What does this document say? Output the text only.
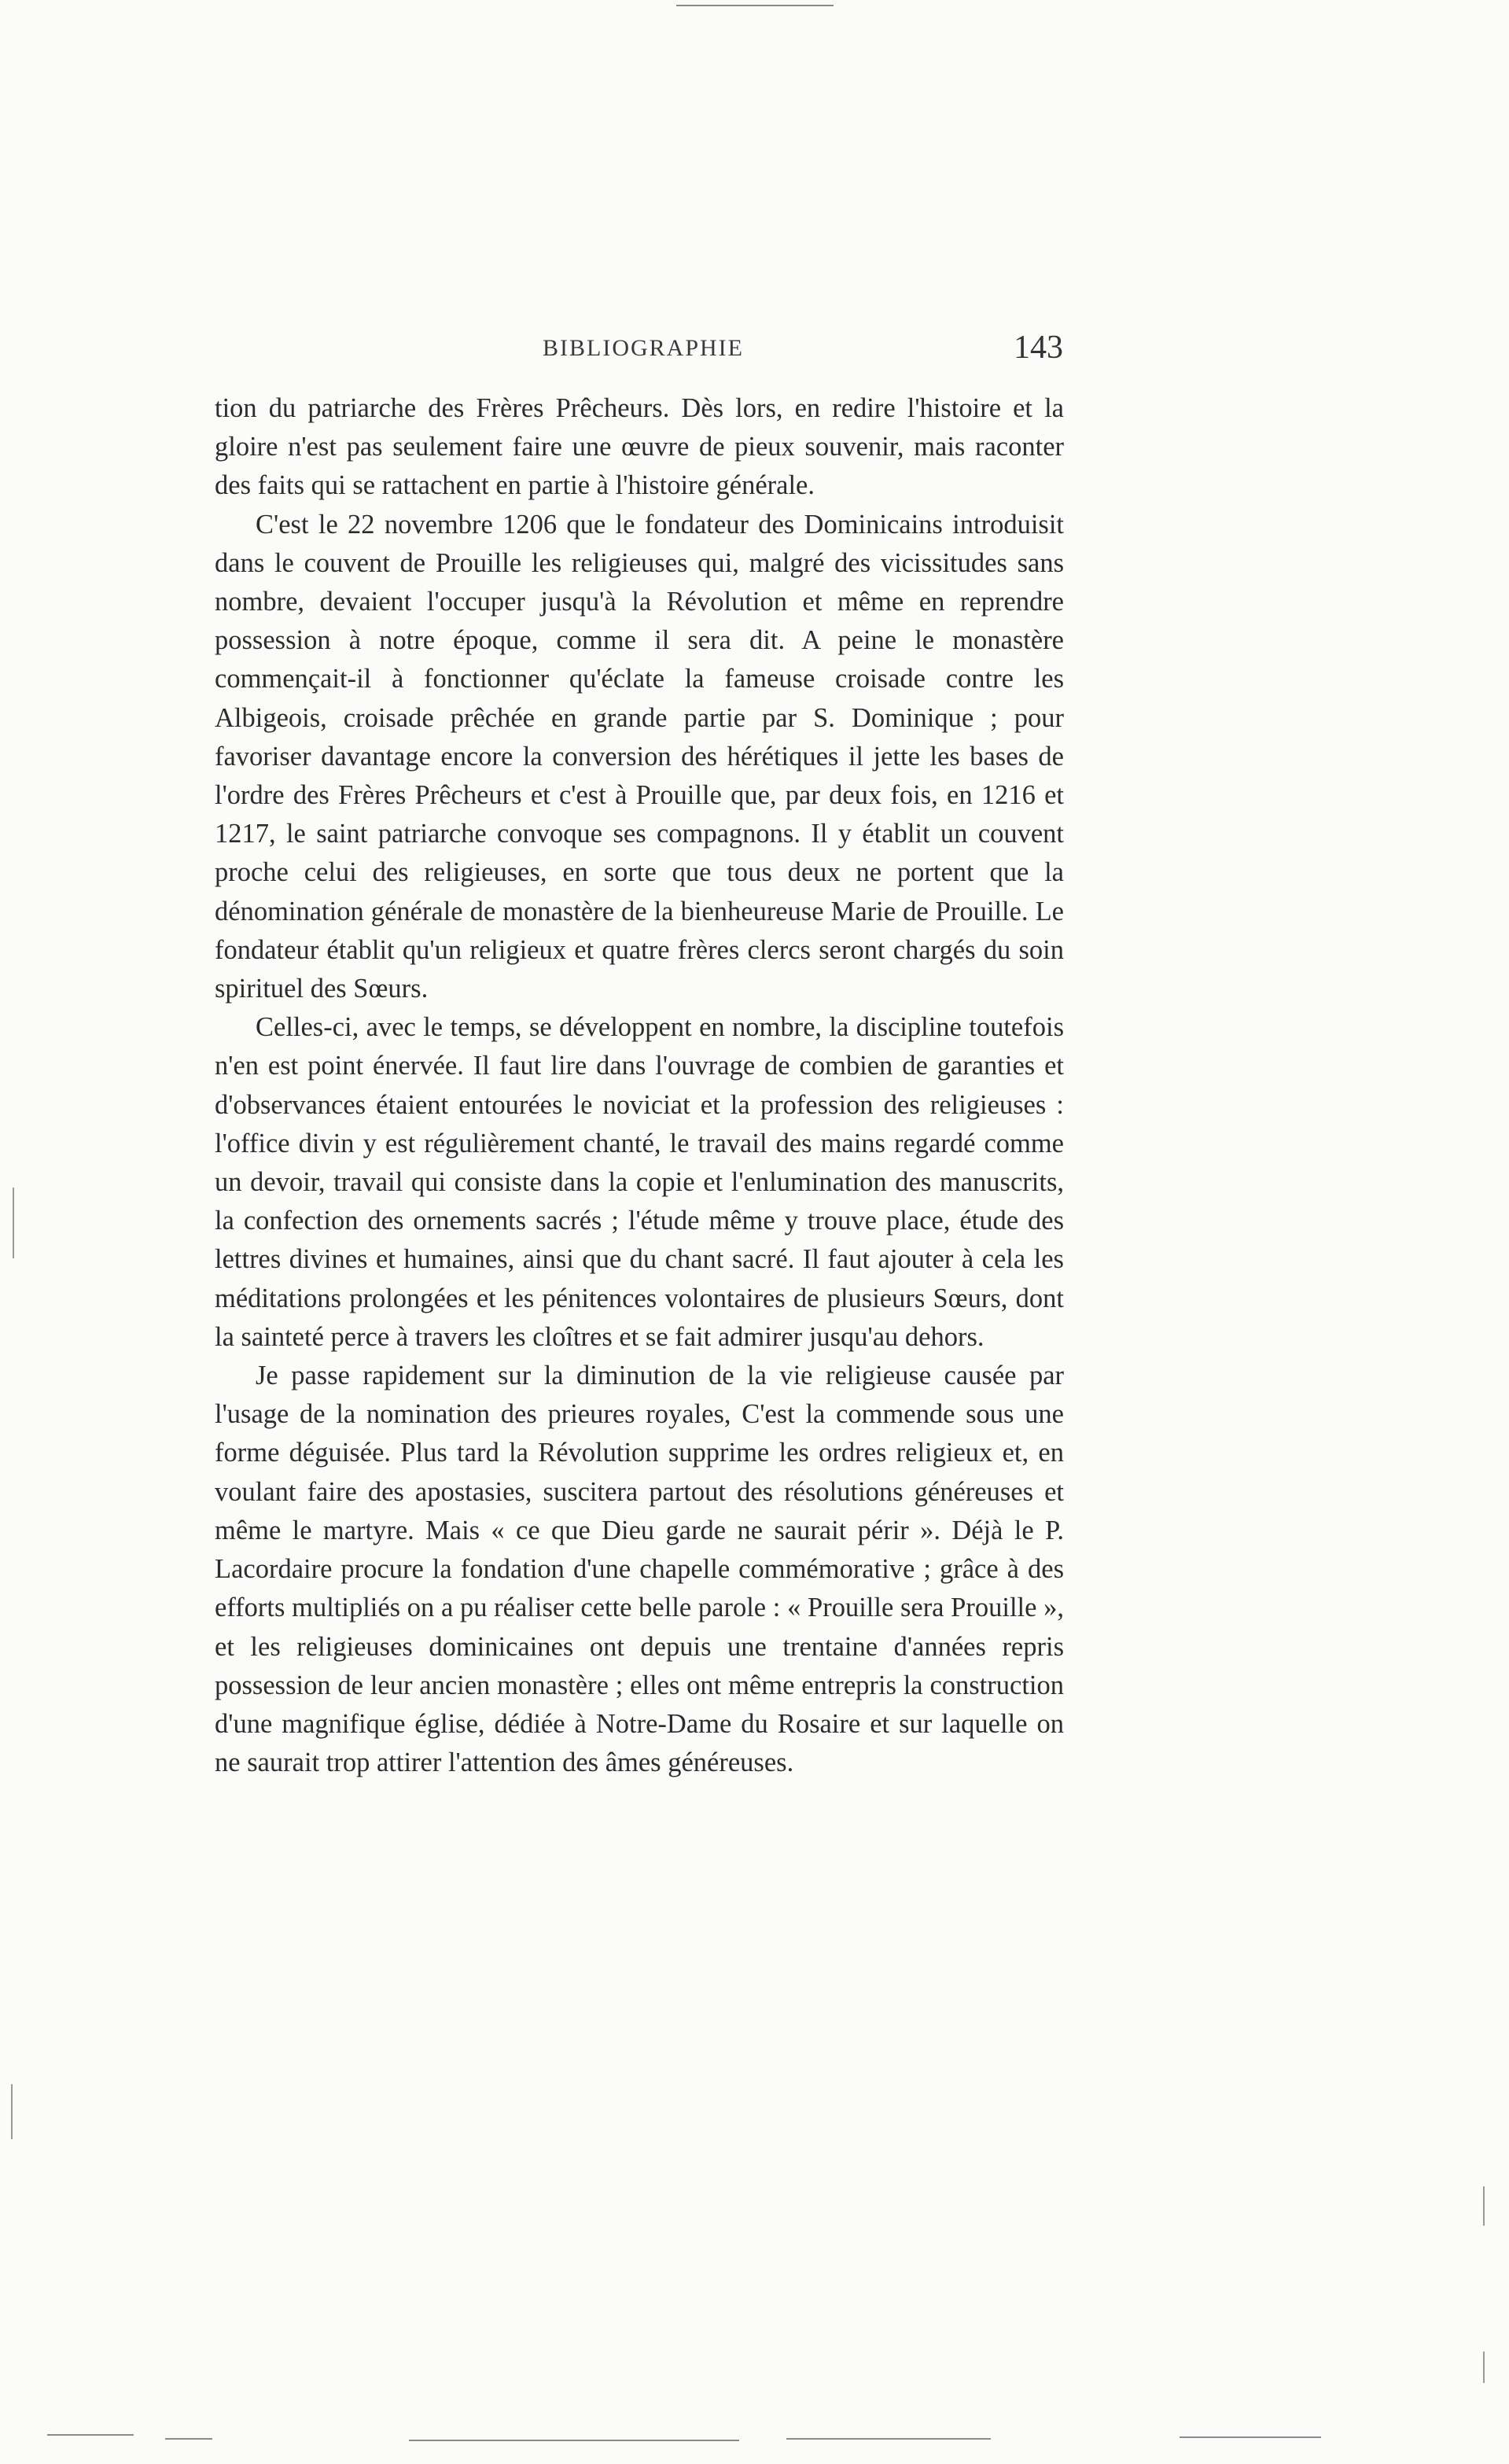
BIBLIOGRAPHIE	143

tion du patriarche des Frères Prêcheurs. Dès lors, en redire l'histoire et la gloire n'est pas seulement faire une œuvre de pieux souvenir, mais raconter des faits qui se rattachent en partie à l'histoire générale.

C'est le 22 novembre 1206 que le fondateur des Dominicains introduisit dans le couvent de Prouille les religieuses qui, malgré des vicissitudes sans nombre, devaient l'occuper jusqu'à la Révolution et même en reprendre possession à notre époque, comme il sera dit. A peine le monastère commençait-il à fonctionner qu'éclate la fameuse croisade contre les Albigeois, croisade prêchée en grande partie par S. Dominique ; pour favoriser davantage encore la conversion des hérétiques il jette les bases de l'ordre des Frères Prêcheurs et c'est à Prouille que, par deux fois, en 1216 et 1217, le saint patriarche convoque ses compagnons. Il y établit un couvent proche celui des religieuses, en sorte que tous deux ne portent que la dénomination générale de monastère de la bienheureuse Marie de Prouille. Le fondateur établit qu'un religieux et quatre frères clercs seront chargés du soin spirituel des Sœurs.

Celles-ci, avec le temps, se développent en nombre, la discipline toutefois n'en est point énervée. Il faut lire dans l'ouvrage de combien de garanties et d'observances étaient entourées le noviciat et la profession des religieuses : l'office divin y est régulièrement chanté, le travail des mains regardé comme un devoir, travail qui consiste dans la copie et l'enlumination des manuscrits, la confection des ornements sacrés ; l'étude même y trouve place, étude des lettres divines et humaines, ainsi que du chant sacré. Il faut ajouter à cela les méditations prolongées et les pénitences volontaires de plusieurs Sœurs, dont la sainteté perce à travers les cloîtres et se fait admirer jusqu'au dehors.

Je passe rapidement sur la diminution de la vie religieuse causée par l'usage de la nomination des prieures royales, C'est la commende sous une forme déguisée. Plus tard la Révolution supprime les ordres religieux et, en voulant faire des apostasies, suscitera partout des résolutions généreuses et même le martyre. Mais « ce que Dieu garde ne saurait périr ». Déjà le P. Lacordaire procure la fondation d'une chapelle commémorative ; grâce à des efforts multipliés on a pu réaliser cette belle parole : « Prouille sera Prouille », et les religieuses dominicaines ont depuis une trentaine d'années repris possession de leur ancien monastère ; elles ont même entrepris la construction d'une magnifique église, dédiée à Notre-Dame du Rosaire et sur laquelle on ne saurait trop attirer l'attention des âmes généreuses.
